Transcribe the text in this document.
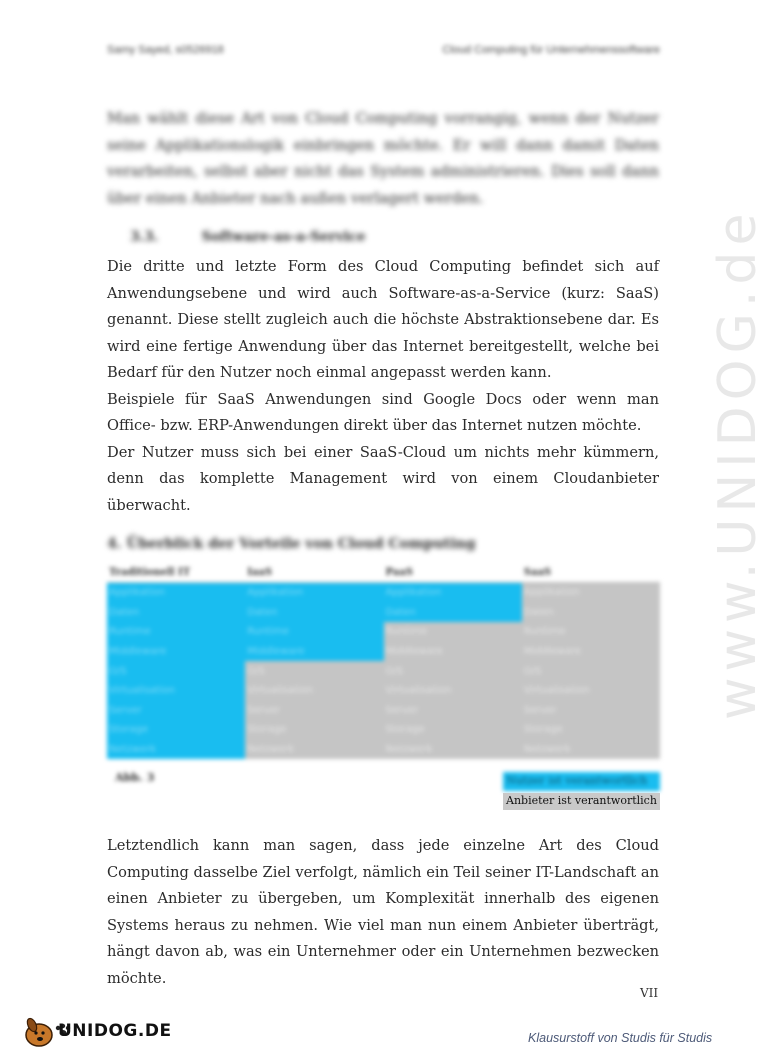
www.UNIDOG.de
Samy Sayed, s0526918	Cloud Computing für Unternehmenssoftware
Man wählt diese Art von Cloud Computing vorrangig, wenn der Nutzer seine Applikationslogik einbringen möchte. Er will dann damit Daten verarbeiten, selbst aber nicht das System administrieren. Dies soll dann über einen Anbieter nach außen verlagert werden.
3.3.	Software-as-a-Service

Die dritte und letzte Form des Cloud Computing befindet sich auf Anwendungsebene und wird auch Software-as-a-Service (kurz: SaaS) genannt. Diese stellt zugleich auch die höchste Abstraktionsebene dar. Es wird eine fertige Anwendung über das Internet bereitgestellt, welche bei Bedarf für den Nutzer noch einmal angepasst werden kann.

Beispiele für SaaS Anwendungen sind Google Docs oder wenn man Office- bzw. ERP-Anwendungen direkt über das Internet nutzen möchte.

Der Nutzer muss sich bei einer SaaS-Cloud um nichts mehr kümmern, denn das komplette Management wird von einem Cloudanbieter überwacht.

4. Überblick der Vorteile von Cloud Computing
Traditionell IT	IaaS	PaaS	SaaS
Applikation	Applikation	Applikation	Applikation
Daten	Daten	Daten	Daten
Runtime	Runtime	Runtime	Runtime
Middleware	Middleware	Middleware	Middleware
O/S	O/S	O/S	O/S
Virtualisation	Virtualisation	Virtualisation	Virtualisation
Server	Server	Server	Server
Storage	Storage	Storage	Storage
Netzwerk	Netzwerk	Netzwerk	Netzwerk
Abb. 3	Nutzer ist verantwortlich
Anbieter ist verantwortlich
Letztendlich kann man sagen, dass jede einzelne Art des Cloud Computing dasselbe Ziel verfolgt, nämlich ein Teil seiner IT-Landschaft an einen Anbieter zu übergeben, um Komplexität innerhalb des eigenen Systems heraus zu nehmen. Wie viel man nun einem Anbieter überträgt, hängt davon ab, was ein Unternehmer oder ein Unternehmen bezwecken möchte.
VII
UNIDOG.DE	Klausurstoff von Studis für Studis
